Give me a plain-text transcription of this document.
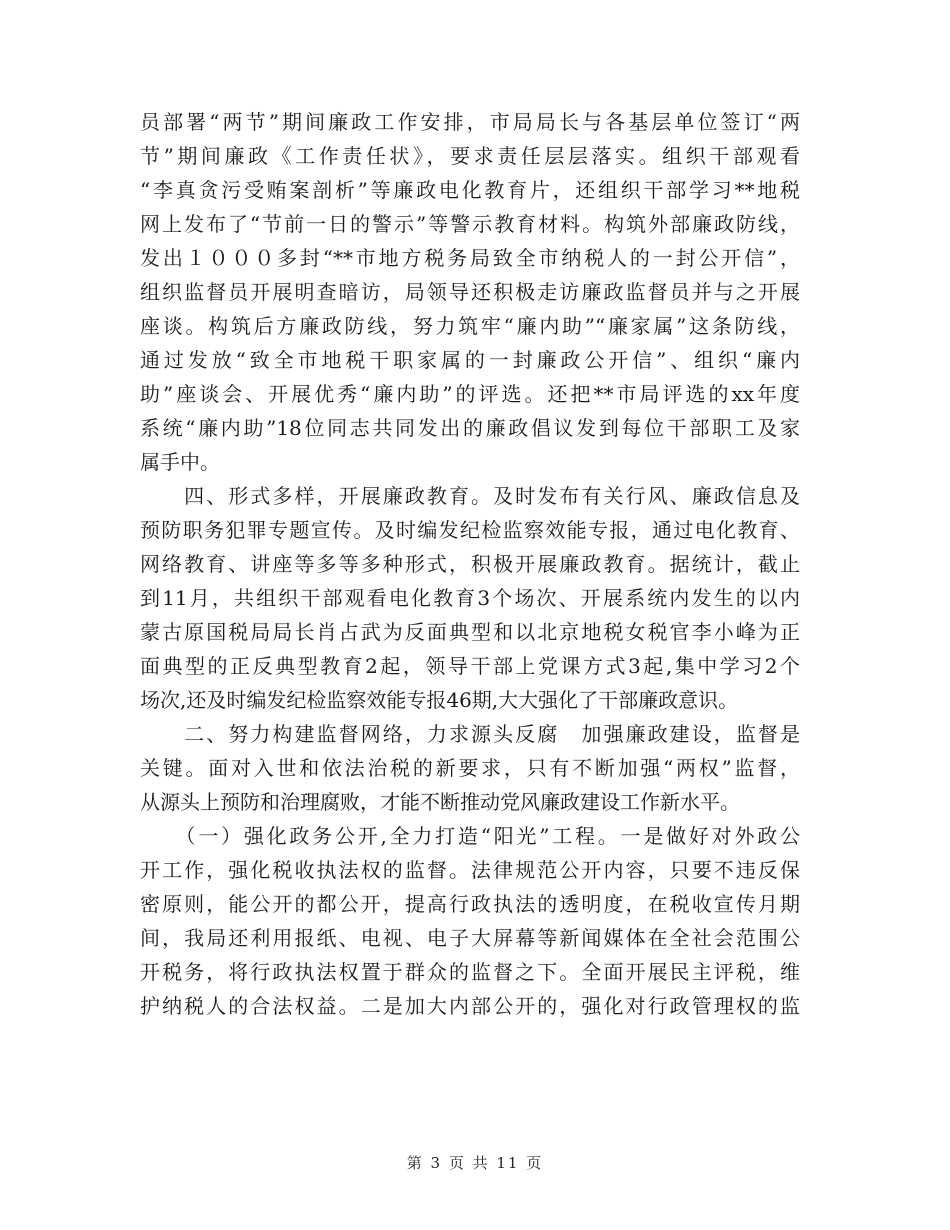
员部署“两节”期间廉政工作安排，市局局长与各基层单位签订“两
节”期间廉政《工作责任状》，要求责任层层落实。组织干部观看
“李真贪污受贿案剖析”等廉政电化教育片，还组织干部学习**地税
网上发布了“节前一日的警示”等警示教育材料。构筑外部廉政防线，
发出１０００多封“**市地方税务局致全市纳税人的一封公开信”，
组织监督员开展明查暗访，局领导还积极走访廉政监督员并与之开展
座谈。构筑后方廉政防线，努力筑牢“廉内助”“廉家属”这条防线，
通过发放“致全市地税干职家属的一封廉政公开信”、组织“廉内
助”座谈会、开展优秀“廉内助”的评选。还把**市局评选的xx年度
系统“廉内助”18位同志共同发出的廉政倡议发到每位干部职工及家
属手中。
　　四、形式多样，开展廉政教育。及时发布有关行风、廉政信息及
预防职务犯罪专题宣传。及时编发纪检监察效能专报，通过电化教育、
网络教育、讲座等多等多种形式，积极开展廉政教育。据统计，截止
到11月，共组织干部观看电化教育3个场次、开展系统内发生的以内
蒙古原国税局局长肖占武为反面典型和以北京地税女税官李小峰为正
面典型的正反典型教育2起，领导干部上党课方式3起,集中学习2个
场次,还及时编发纪检监察效能专报46期,大大强化了干部廉政意识。
　　二、努力构建监督网络，力求源头反腐　加强廉政建设，监督是
关键。面对入世和依法治税的新要求，只有不断加强“两权”监督，
从源头上预防和治理腐败，才能不断推动党风廉政建设工作新水平。
　　（一）强化政务公开,全力打造“阳光”工程。一是做好对外政公
开工作，强化税收执法权的监督。法律规范公开内容，只要不违反保
密原则，能公开的都公开，提高行政执法的透明度，在税收宣传月期
间，我局还利用报纸、电视、电子大屏幕等新闻媒体在全社会范围公
开税务，将行政执法权置于群众的监督之下。全面开展民主评税，维
护纳税人的合法权益。二是加大内部公开的，强化对行政管理权的监
第 3 页 共 11 页
